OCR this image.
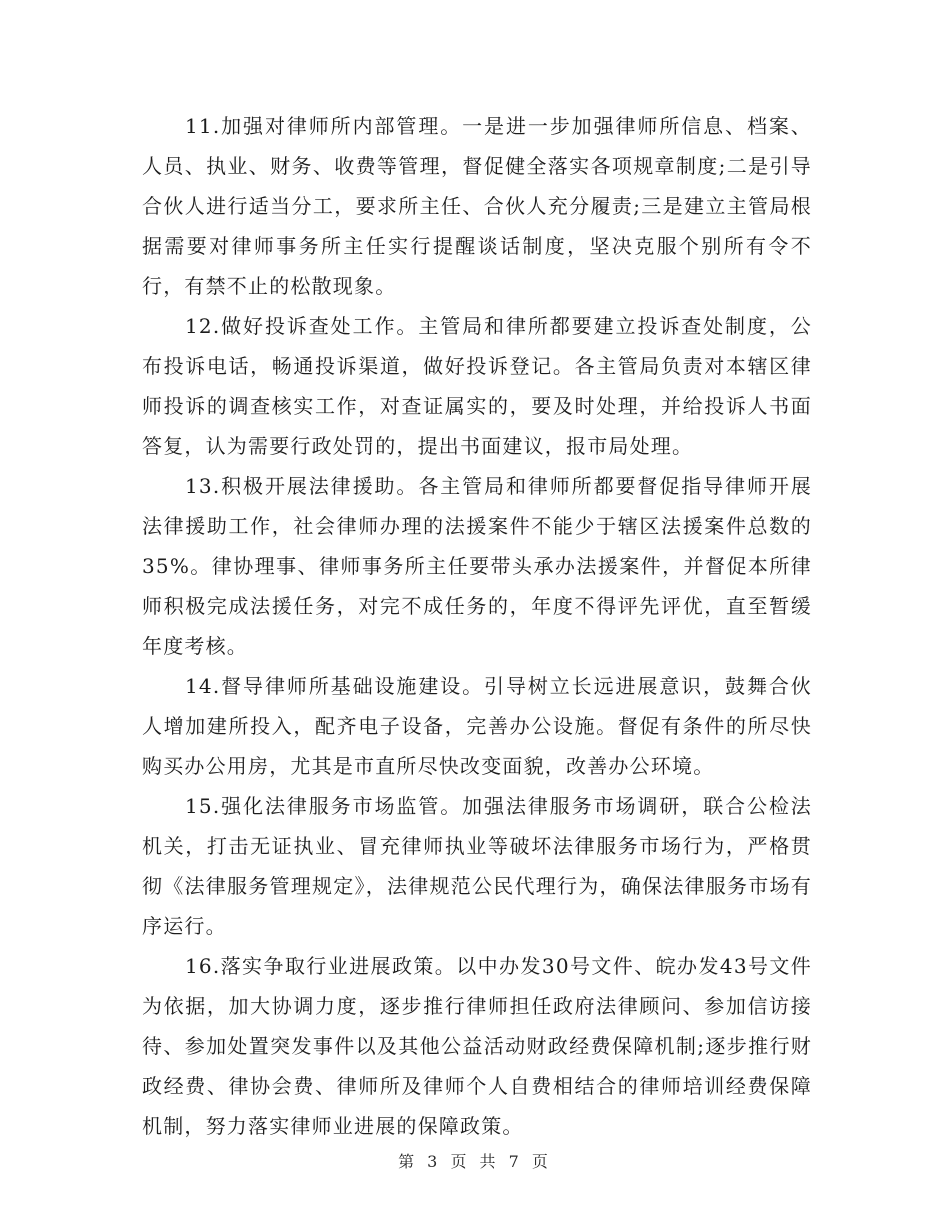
11.加强对律师所内部管理。一是进一步加强律师所信息、档案、人员、执业、财务、收费等管理，督促健全落实各项规章制度;二是引导合伙人进行适当分工，要求所主任、合伙人充分履责;三是建立主管局根据需要对律师事务所主任实行提醒谈话制度，坚决克服个别所有令不行，有禁不止的松散现象。

12.做好投诉查处工作。主管局和律所都要建立投诉查处制度，公布投诉电话，畅通投诉渠道，做好投诉登记。各主管局负责对本辖区律师投诉的调查核实工作，对查证属实的，要及时处理，并给投诉人书面答复，认为需要行政处罚的，提出书面建议，报市局处理。

13.积极开展法律援助。各主管局和律师所都要督促指导律师开展法律援助工作，社会律师办理的法援案件不能少于辖区法援案件总数的35%。律协理事、律师事务所主任要带头承办法援案件，并督促本所律师积极完成法援任务，对完不成任务的，年度不得评先评优，直至暂缓年度考核。

14.督导律师所基础设施建设。引导树立长远进展意识，鼓舞合伙人增加建所投入，配齐电子设备，完善办公设施。督促有条件的所尽快购买办公用房，尤其是市直所尽快改变面貌，改善办公环境。

15.强化法律服务市场监管。加强法律服务市场调研，联合公检法机关，打击无证执业、冒充律师执业等破坏法律服务市场行为，严格贯彻《法律服务管理规定》，法律规范公民代理行为，确保法律服务市场有序运行。

16.落实争取行业进展政策。以中办发30号文件、皖办发43号文件为依据，加大协调力度，逐步推行律师担任政府法律顾问、参加信访接待、参加处置突发事件以及其他公益活动财政经费保障机制;逐步推行财政经费、律协会费、律师所及律师个人自费相结合的律师培训经费保障机制，努力落实律师业进展的保障政策。

第 3 页 共 7 页
